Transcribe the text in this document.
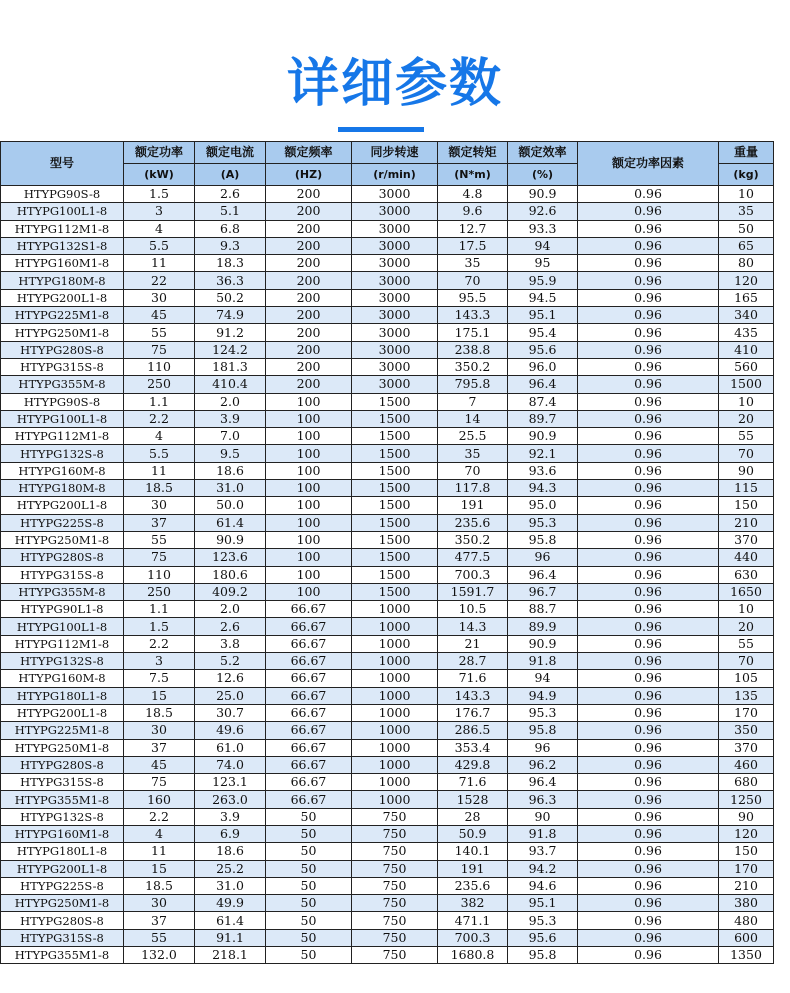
详细参数
型号	额定功率	额定电流	额定频率	同步转速	额定转矩	额定效率	额定功率因素	重量
	(kW)	(A)	(HZ)	(r/min)	(N*m)	(%)		(kg)
HTYPG90S-8	1.5	2.6	200	3000	4.8	90.9	0.96	10
HTYPG100L1-8	3	5.1	200	3000	9.6	92.6	0.96	35
HTYPG112M1-8	4	6.8	200	3000	12.7	93.3	0.96	50
HTYPG132S1-8	5.5	9.3	200	3000	17.5	94	0.96	65
HTYPG160M1-8	11	18.3	200	3000	35	95	0.96	80
HTYPG180M-8	22	36.3	200	3000	70	95.9	0.96	120
HTYPG200L1-8	30	50.2	200	3000	95.5	94.5	0.96	165
HTYPG225M1-8	45	74.9	200	3000	143.3	95.1	0.96	340
HTYPG250M1-8	55	91.2	200	3000	175.1	95.4	0.96	435
HTYPG280S-8	75	124.2	200	3000	238.8	95.6	0.96	410
HTYPG315S-8	110	181.3	200	3000	350.2	96.0	0.96	560
HTYPG355M-8	250	410.4	200	3000	795.8	96.4	0.96	1500
HTYPG90S-8	1.1	2.0	100	1500	7	87.4	0.96	10
HTYPG100L1-8	2.2	3.9	100	1500	14	89.7	0.96	20
HTYPG112M1-8	4	7.0	100	1500	25.5	90.9	0.96	55
HTYPG132S-8	5.5	9.5	100	1500	35	92.1	0.96	70
HTYPG160M-8	11	18.6	100	1500	70	93.6	0.96	90
HTYPG180M-8	18.5	31.0	100	1500	117.8	94.3	0.96	115
HTYPG200L1-8	30	50.0	100	1500	191	95.0	0.96	150
HTYPG225S-8	37	61.4	100	1500	235.6	95.3	0.96	210
HTYPG250M1-8	55	90.9	100	1500	350.2	95.8	0.96	370
HTYPG280S-8	75	123.6	100	1500	477.5	96	0.96	440
HTYPG315S-8	110	180.6	100	1500	700.3	96.4	0.96	630
HTYPG355M-8	250	409.2	100	1500	1591.7	96.7	0.96	1650
HTYPG90L1-8	1.1	2.0	66.67	1000	10.5	88.7	0.96	10
HTYPG100L1-8	1.5	2.6	66.67	1000	14.3	89.9	0.96	20
HTYPG112M1-8	2.2	3.8	66.67	1000	21	90.9	0.96	55
HTYPG132S-8	3	5.2	66.67	1000	28.7	91.8	0.96	70
HTYPG160M-8	7.5	12.6	66.67	1000	71.6	94	0.96	105
HTYPG180L1-8	15	25.0	66.67	1000	143.3	94.9	0.96	135
HTYPG200L1-8	18.5	30.7	66.67	1000	176.7	95.3	0.96	170
HTYPG225M1-8	30	49.6	66.67	1000	286.5	95.8	0.96	350
HTYPG250M1-8	37	61.0	66.67	1000	353.4	96	0.96	370
HTYPG280S-8	45	74.0	66.67	1000	429.8	96.2	0.96	460
HTYPG315S-8	75	123.1	66.67	1000	71.6	96.4	0.96	680
HTYPG355M1-8	160	263.0	66.67	1000	1528	96.3	0.96	1250
HTYPG132S-8	2.2	3.9	50	750	28	90	0.96	90
HTYPG160M1-8	4	6.9	50	750	50.9	91.8	0.96	120
HTYPG180L1-8	11	18.6	50	750	140.1	93.7	0.96	150
HTYPG200L1-8	15	25.2	50	750	191	94.2	0.96	170
HTYPG225S-8	18.5	31.0	50	750	235.6	94.6	0.96	210
HTYPG250M1-8	30	49.9	50	750	382	95.1	0.96	380
HTYPG280S-8	37	61.4	50	750	471.1	95.3	0.96	480
HTYPG315S-8	55	91.1	50	750	700.3	95.6	0.96	600
HTYPG355M1-8	132.0	218.1	50	750	1680.8	95.8	0.96	1350
